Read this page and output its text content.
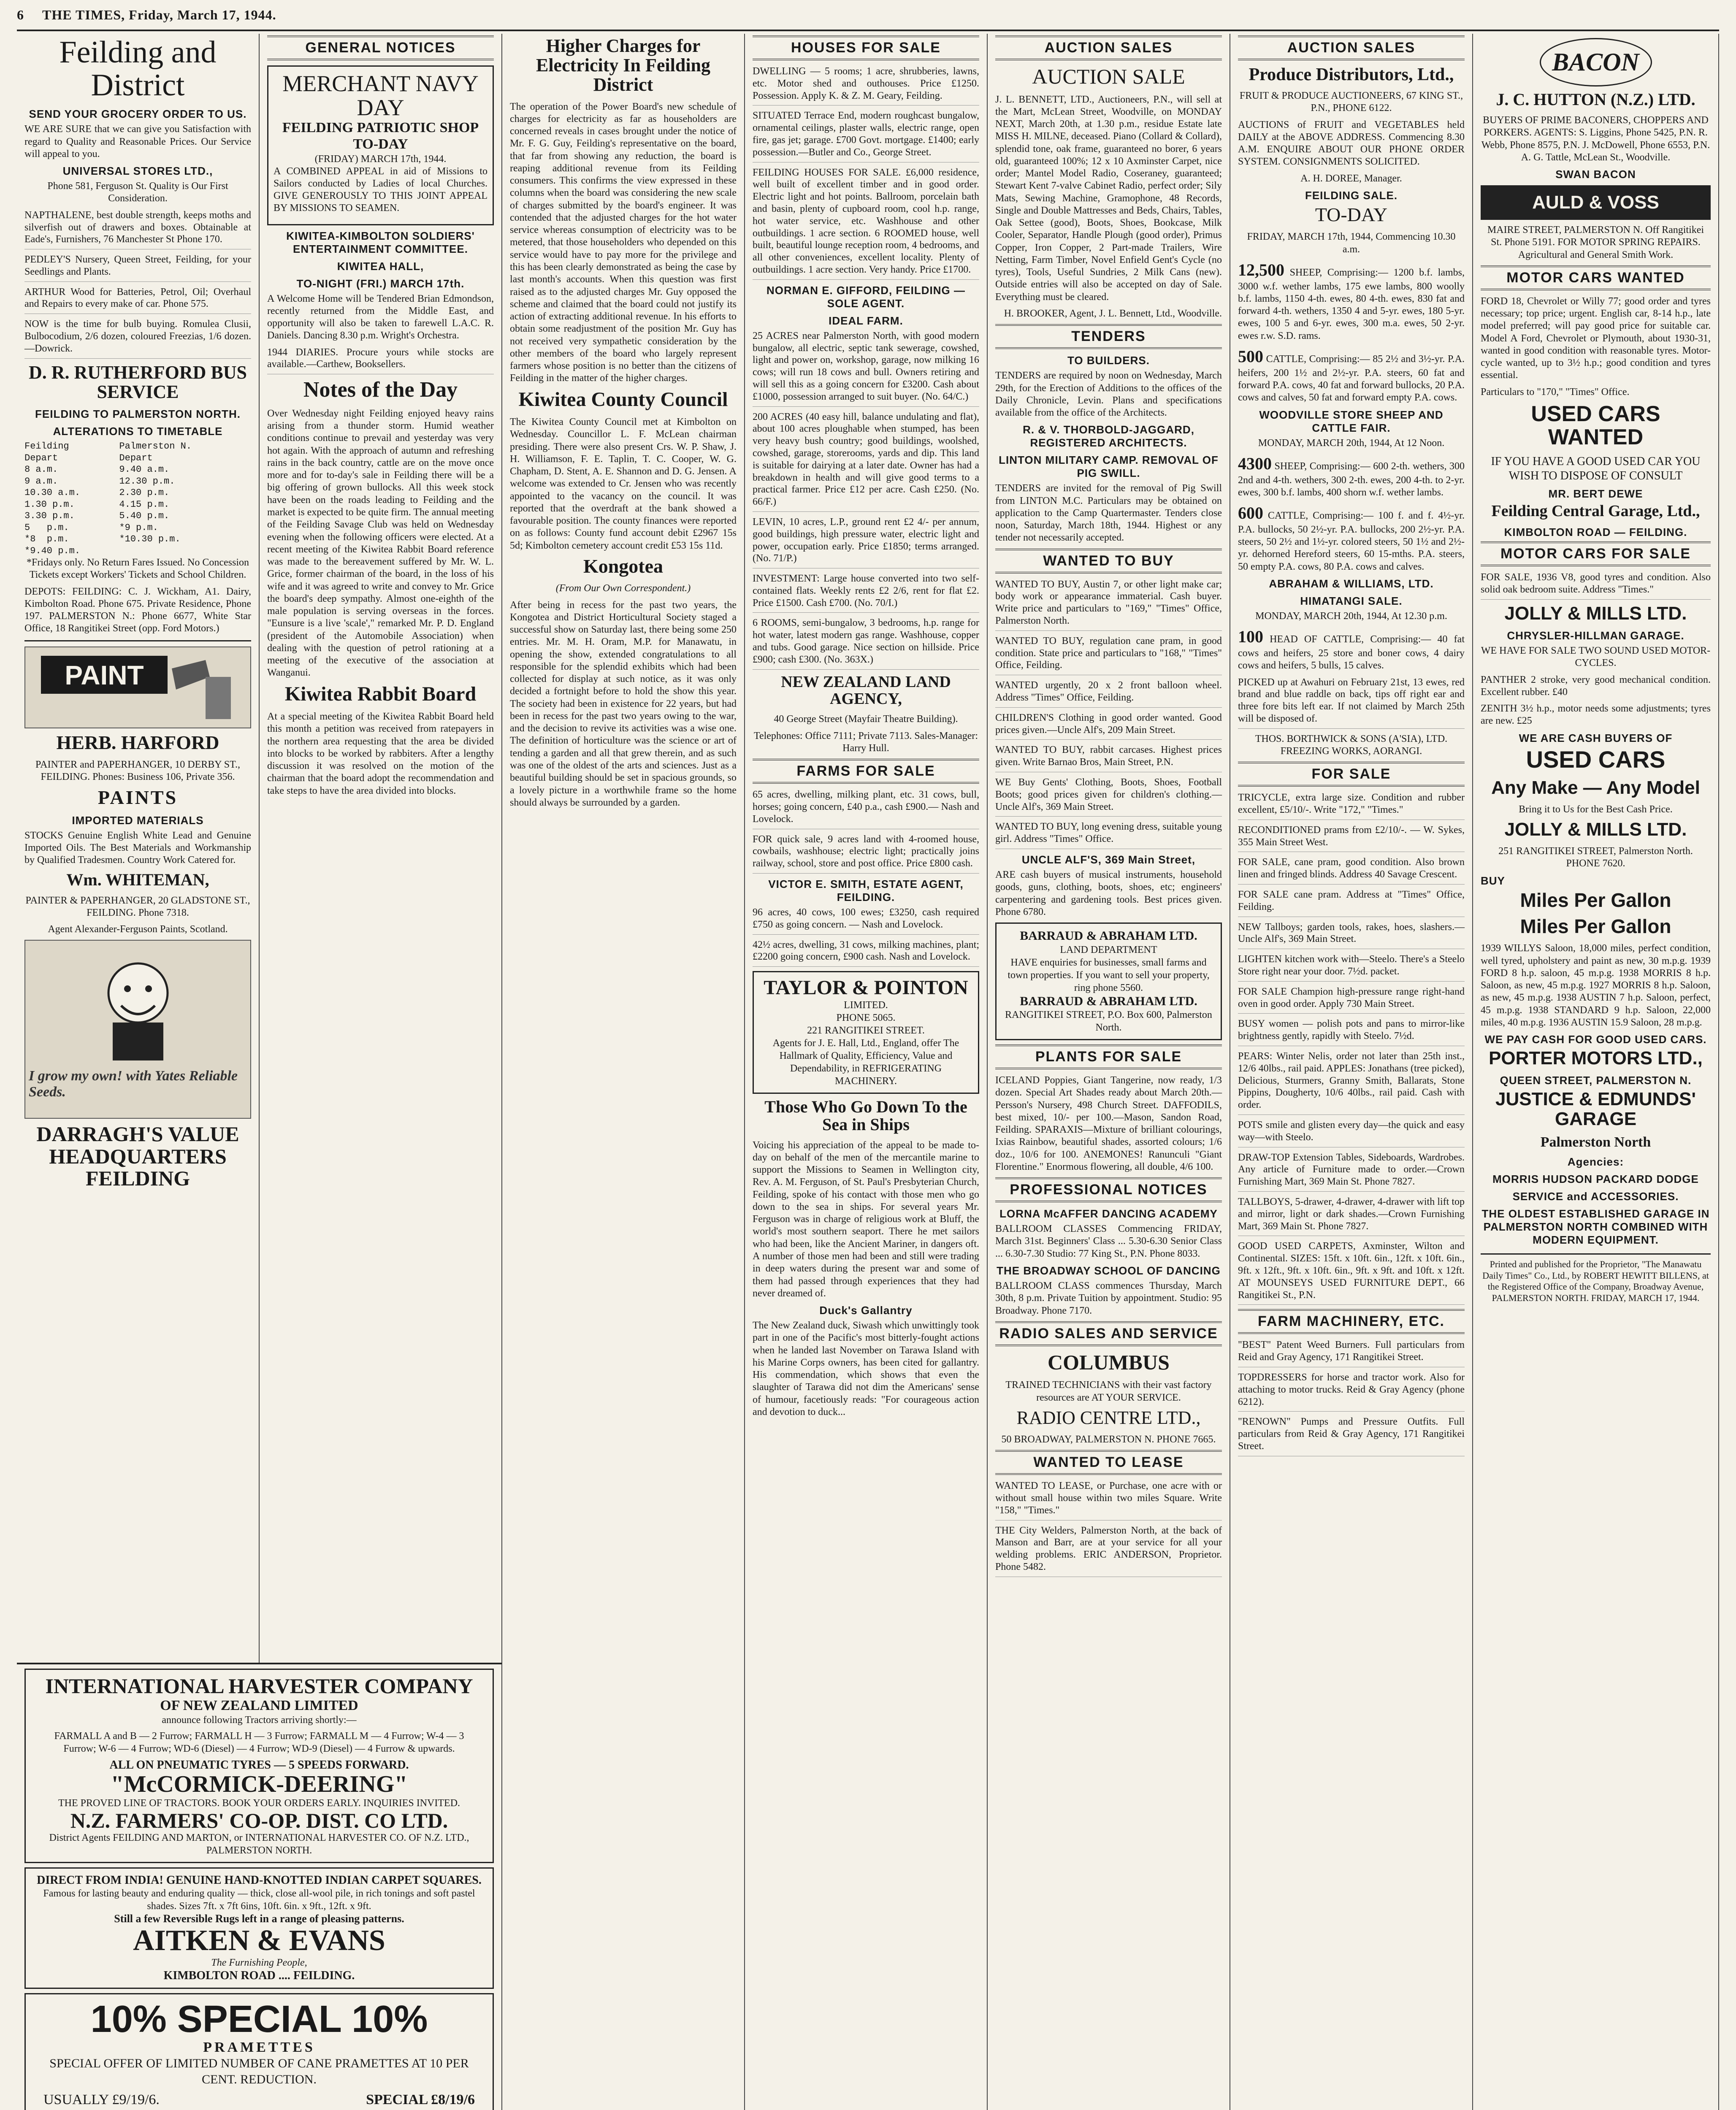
6	THE TIMES, Friday, March 17, 1944.
Feilding and District
SEND YOUR GROCERY ORDER TO US.

WE ARE SURE that we can give you Satisfaction with regard to Quality and Reasonable Prices. Our Service will appeal to you.

UNIVERSAL STORES LTD.,

Phone 581, Ferguson St. Quality is Our First Consideration.

NAPTHALENE, best double strength, keeps moths and silverfish out of drawers and boxes. Obtainable at Eade's, Furnishers, 76 Manchester St Phone 170.

PEDLEY'S Nursery, Queen Street, Feilding, for your Seedlings and Plants.

ARTHUR Wood for Batteries, Petrol, Oil; Overhaul and Repairs to every make of car. Phone 575.

NOW is the time for bulb buying. Romulea Clusii, Bulbocodium, 2/6 dozen, coloured Freezias, 1/6 dozen.—Dowrick.

D. R. RUTHERFORD BUS SERVICE
FEILDING TO PALMERSTON NORTH.
ALTERATIONS TO TIMETABLE
Feilding         Palmerston N.
Depart           Depart
8 a.m.           9.40 a.m.
9 a.m.           12.30 p.m.
10.30 a.m.       2.30 p.m.
1.30 p.m.        4.15 p.m.
3.30 p.m.        5.40 p.m.
5   p.m.         *9 p.m.
*8  p.m.         *10.30 p.m.
*9.40 p.m.

*Fridays only. No Return Fares Issued. No Concession Tickets except Workers' Tickets and School Children.

DEPOTS: FEILDING: C. J. Wickham, A1. Dairy, Kimbolton Road. Phone 675. Private Residence, Phone 197. PALMERSTON N.: Phone 6677, White Star Office, 18 Rangitikei Street (opp. Ford Motors.)

PAINT
HERB. HARFORD

PAINTER and PAPERHANGER, 10 DERBY ST., FEILDING. Phones: Business 106, Private 356.

PAINTS
IMPORTED MATERIALS

STOCKS Genuine English White Lead and Genuine Imported Oils. The Best Materials and Workmanship by Qualified Tradesmen. Country Work Catered for.

Wm. WHITEMAN,

PAINTER & PAPERHANGER, 20 GLADSTONE ST., FEILDING. Phone 7318.

Agent Alexander-Ferguson Paints, Scotland.

I grow my own! with Yates Reliable Seeds.
DARRAGH'S VALUE HEADQUARTERS FEILDING
GENERAL NOTICES
MERCHANT NAVY DAY
FEILDING PATRIOTIC SHOP TO-DAY
(FRIDAY) MARCH 17th, 1944.

A COMBINED APPEAL in aid of Missions to Sailors conducted by Ladies of local Churches. GIVE GENEROUSLY TO THIS JOINT APPEAL BY MISSIONS TO SEAMEN.

KIWITEA-KIMBOLTON SOLDIERS' ENTERTAINMENT COMMITTEE.
KIWITEA HALL,
TO-NIGHT (FRI.) MARCH 17th.

A Welcome Home will be Tendered Brian Edmondson, recently returned from the Middle East, and opportunity will also be taken to farewell L.A.C. R. Daniels. Dancing 8.30 p.m. Wright's Orchestra.

1944 DIARIES. Procure yours while stocks are available.—Carthew, Booksellers.

Notes of the Day

Over Wednesday night Feilding enjoyed heavy rains arising from a thunder storm. Humid weather conditions continue to prevail and yesterday was very hot again. With the approach of autumn and refreshing rains in the back country, cattle are on the move once more and for to-day's sale in Feilding there will be a big offering of grown bullocks. All this week stock have been on the roads leading to Feilding and the market is expected to be quite firm. The annual meeting of the Feilding Savage Club was held on Wednesday evening when the following officers were elected. At a recent meeting of the Kiwitea Rabbit Board reference was made to the bereavement suffered by Mr. W. L. Grice, former chairman of the board, in the loss of his wife and it was agreed to write and convey to Mr. Grice the board's deep sympathy. Almost one-eighth of the male population is serving overseas in the forces. "Eunsure is a live 'scale'," remarked Mr. P. D. England (president of the Automobile Association) when dealing with the question of petrol rationing at a meeting of the executive of the association at Wanganui.

Kiwitea Rabbit Board

At a special meeting of the Kiwitea Rabbit Board held this month a petition was received from ratepayers in the northern area requesting that the area be divided into blocks to be worked by rabbiters. After a lengthy discussion it was resolved on the motion of the chairman that the board adopt the recommendation and take steps to have the area divided into blocks.

INTERNATIONAL HARVESTER COMPANY
OF NEW ZEALAND LIMITED
announce following Tractors arriving shortly:—
FARMALL A and B — 2 Furrow; FARMALL H — 3 Furrow; FARMALL M — 4 Furrow; W-4 — 3 Furrow; W-6 — 4 Furrow; WD-6 (Diesel) — 4 Furrow; WD-9 (Diesel) — 4 Furrow & upwards.
ALL ON PNEUMATIC TYRES — 5 SPEEDS FORWARD.
"McCORMICK-DEERING"
THE PROVED LINE OF TRACTORS. BOOK YOUR ORDERS EARLY. INQUIRIES INVITED.
N.Z. FARMERS' CO-OP. DIST. CO LTD.
District Agents FEILDING AND MARTON, or INTERNATIONAL HARVESTER CO. OF N.Z. LTD., PALMERSTON NORTH.
DIRECT FROM INDIA! GENUINE HAND-KNOTTED INDIAN CARPET SQUARES.
Famous for lasting beauty and enduring quality — thick, close all-wool pile, in rich tonings and soft pastel shades. Sizes 7ft. x 7ft 6ins, 10ft. 6in. x 9ft., 12ft. x 9ft.
Still a few Reversible Rugs left in a range of pleasing patterns.
AITKEN & EVANS
The Furnishing People,
KIMBOLTON ROAD .... FEILDING.
10% SPECIAL 10%
PRAMETTES
SPECIAL OFFER OF LIMITED NUMBER OF CANE PRAMETTES AT 10 PER CENT. REDUCTION.
USUALLY £9/19/6.	SPECIAL £8/19/6
Higher Charges for Electricity In Feilding District

The operation of the Power Board's new schedule of charges for electricity as far as householders are concerned reveals in cases brought under the notice of Mr. F. G. Guy, Feilding's representative on the board, that far from showing any reduction, the board is reaping additional revenue from its Feilding consumers. This confirms the view expressed in these columns when the board was considering the new scale of charges submitted by the board's engineer. It was contended that the adjusted charges for the hot water service whereas consumption of electricity was to be metered, that those householders who depended on this service would have to pay more for the privilege and this has been clearly demonstrated as being the case by last month's accounts. When this question was first raised as to the adjusted charges Mr. Guy opposed the scheme and claimed that the board could not justify its action of extracting additional revenue. In his efforts to obtain some readjustment of the position Mr. Guy has not received very sympathetic consideration by the other members of the board who largely represent farmers whose position is no better than the citizens of Feilding in the matter of the higher charges.

Kiwitea County Council

The Kiwitea County Council met at Kimbolton on Wednesday. Councillor L. F. McLean chairman presiding. There were also present Crs. W. P. Shaw, J. H. Williamson, F. E. Taplin, T. C. Cooper, W. G. Chapham, D. Stent, A. E. Shannon and D. G. Jensen. A welcome was extended to Cr. Jensen who was recently appointed to the vacancy on the council. It was reported that the overdraft at the bank showed a favourable position. The county finances were reported on as follows: County fund account debit £2967 15s 5d; Kimbolton cemetery account credit £53 15s 11d.

Kongotea

(From Our Own Correspondent.)

After being in recess for the past two years, the Kongotea and District Horticultural Society staged a successful show on Saturday last, there being some 250 entries. Mr. M. H. Oram, M.P. for Manawatu, in opening the show, extended congratulations to all responsible for the splendid exhibits which had been collected for display at such notice, as it was only decided a fortnight before to hold the show this year. The society had been in existence for 22 years, but had been in recess for the past two years owing to the war, and the decision to revive its activities was a wise one. The definition of horticulture was the science or art of tending a garden and all that grew therein, and as such was one of the oldest of the arts and sciences. Just as a beautiful building should be set in spacious grounds, so a lovely picture in a worthwhile frame so the home should always be surrounded by a garden.

HOUSES FOR SALE

DWELLING — 5 rooms; 1 acre, shrubberies, lawns, etc. Motor shed and outhouses. Price £1250. Possession. Apply K. & Z. M. Geary, Feilding.

SITUATED Terrace End, modern roughcast bungalow, ornamental ceilings, plaster walls, electric range, open fire, gas jet; garage. £700 Govt. mortgage. £1400; early possession.—Butler and Co., George Street.

FEILDING HOUSES FOR SALE. £6,000 residence, well built of excellent timber and in good order. Electric light and hot points. Ballroom, porcelain bath and basin, plenty of cupboard room, cool h.p. range, hot water service, etc. Washhouse and other outbuildings. 1 acre section. 6 ROOMED house, well built, beautiful lounge reception room, 4 bedrooms, and all other conveniences, excellent locality. Plenty of outbuildings. 1 acre section. Very handy. Price £1700.

NORMAN E. GIFFORD, FEILDING — SOLE AGENT.
IDEAL FARM.

25 ACRES near Palmerston North, with good modern bungalow, all electric, septic tank sewerage, cowshed, light and power on, workshop, garage, now milking 16 cows; will run 18 cows and bull. Owners retiring and will sell this as a going concern for £3200. Cash about £1000, possession arranged to suit buyer. (No. 64/C.)

200 ACRES (40 easy hill, balance undulating and flat), about 100 acres ploughable when stumped, has been very heavy bush country; good buildings, woolshed, cowshed, garage, storerooms, yards and dip. This land is suitable for dairying at a later date. Owner has had a breakdown in health and will give good terms to a practical farmer. Price £12 per acre. Cash £250. (No. 66/F.)

LEVIN, 10 acres, L.P., ground rent £2 4/- per annum, good buildings, high pressure water, electric light and power, occupation early. Price £1850; terms arranged. (No. 71/P.)

INVESTMENT: Large house converted into two self-contained flats. Weekly rents £2 2/6, rent for flat £2. Price £1500. Cash £700. (No. 70/I.)

6 ROOMS, semi-bungalow, 3 bedrooms, h.p. range for hot water, latest modern gas range. Washhouse, copper and tubs. Good garage. Nice section on hillside. Price £900; cash £300. (No. 363X.)

NEW ZEALAND LAND AGENCY,

40 George Street (Mayfair Theatre Building).

Telephones: Office 7111; Private 7113. Sales-Manager: Harry Hull.

FARMS FOR SALE

65 acres, dwelling, milking plant, etc. 31 cows, bull, horses; going concern, £40 p.a., cash £900.— Nash and Lovelock.

FOR quick sale, 9 acres land with 4-roomed house, cowbails, washhouse; electric light; practically joins railway, school, store and post office. Price £800 cash.

VICTOR E. SMITH, ESTATE AGENT, FEILDING.

96 acres, 40 cows, 100 ewes; £3250, cash required £750 as going concern. — Nash and Lovelock.

42½ acres, dwelling, 31 cows, milking machines, plant; £2200 going concern, £900 cash. Nash and Lovelock.

TAYLOR & POINTON
LIMITED.
PHONE 5065.
221 RANGITIKEI STREET.
Agents for J. E. Hall, Ltd., England, offer The Hallmark of Quality, Efficiency, Value and Dependability, in REFRIGERATING MACHINERY.
Those Who Go Down To the Sea in Ships

Voicing his appreciation of the appeal to be made to-day on behalf of the men of the mercantile marine to support the Missions to Seamen in Wellington city, Rev. A. M. Ferguson, of St. Paul's Presbyterian Church, Feilding, spoke of his contact with those men who go down to the sea in ships. For several years Mr. Ferguson was in charge of religious work at Bluff, the world's most southern seaport. There he met sailors who had been, like the Ancient Mariner, in dangers oft. A number of those men had been and still were trading in deep waters during the present war and some of them had passed through experiences that they had never dreamed of.

Duck's Gallantry

The New Zealand duck, Siwash which unwittingly took part in one of the Pacific's most bitterly-fought actions when he landed last November on Tarawa Island with his Marine Corps owners, has been cited for gallantry. His commendation, which shows that even the slaughter of Tarawa did not dim the Americans' sense of humour, facetiously reads: "For courageous action and devotion to duck...

AUCTION SALES
AUCTION SALE

J. L. BENNETT, LTD., Auctioneers, P.N., will sell at the Mart, McLean Street, Woodville, on MONDAY NEXT, March 20th, at 1.30 p.m., residue Estate late MISS H. MILNE, deceased. Piano (Collard & Collard), splendid tone, oak frame, guaranteed no borer, 6 years old, guaranteed 100%; 12 x 10 Axminster Carpet, nice order; Mantel Model Radio, Coseraney, guaranteed; Stewart Kent 7-valve Cabinet Radio, perfect order; Sily Mats, Sewing Machine, Gramophone, 48 Records, Single and Double Mattresses and Beds, Chairs, Tables, Oak Settee (good), Boots, Shoes, Bookcase, Milk Cooler, Separator, Handle Plough (good order), Primus Copper, Iron Copper, 2 Part-made Trailers, Wire Netting, Farm Timber, Novel Enfield Gent's Cycle (no tyres), Tools, Useful Sundries, 2 Milk Cans (new). Outside entries will also be accepted on day of Sale. Everything must be cleared.

H. BROOKER, Agent, J. L. Bennett, Ltd., Woodville.

TENDERS
TO BUILDERS.

TENDERS are required by noon on Wednesday, March 29th, for the Erection of Additions to the offices of the Daily Chronicle, Levin. Plans and specifications available from the office of the Architects.

R. & V. THORBOLD-JAGGARD, REGISTERED ARCHITECTS.
LINTON MILITARY CAMP. REMOVAL OF PIG SWILL.

TENDERS are invited for the removal of Pig Swill from LINTON M.C. Particulars may be obtained on application to the Camp Quartermaster. Tenders close noon, Saturday, March 18th, 1944. Highest or any tender not necessarily accepted.

WANTED TO BUY

WANTED TO BUY, Austin 7, or other light make car; body work or appearance immaterial. Cash buyer. Write price and particulars to "169," "Times" Office, Palmerston North.

WANTED TO BUY, regulation cane pram, in good condition. State price and particulars to "168," "Times" Office, Feilding.

WANTED urgently, 20 x 2 front balloon wheel. Address "Times" Office, Feilding.

CHILDREN'S Clothing in good order wanted. Good prices given.—Uncle Alf's, 209 Main Street.

WANTED TO BUY, rabbit carcases. Highest prices given. Write Barnao Bros, Main Street, P.N.

WE Buy Gents' Clothing, Boots, Shoes, Football Boots; good prices given for children's clothing.—Uncle Alf's, 369 Main Street.

WANTED TO BUY, long evening dress, suitable young girl. Address "Times" Office.

UNCLE ALF'S, 369 Main Street,

ARE cash buyers of musical instruments, household goods, guns, clothing, boots, shoes, etc; engineers' carpentering and gardening tools. Best prices given. Phone 6780.

BARRAUD & ABRAHAM LTD.
LAND DEPARTMENT
HAVE enquiries for businesses, small farms and town properties. If you want to sell your property, ring phone 5560.
BARRAUD & ABRAHAM LTD.
RANGITIKEI STREET, P.O. Box 600, Palmerston North.
PLANTS FOR SALE

ICELAND Poppies, Giant Tangerine, now ready, 1/3 dozen. Special Art Shades ready about March 20th.—Persson's Nursery, 498 Church Street. DAFFODILS, best mixed, 10/- per 100.—Mason, Sandon Road, Feilding. SPARAXIS—Mixture of brilliant colourings, Ixias Rainbow, beautiful shades, assorted colours; 1/6 doz., 10/6 for 100. ANEMONES! Ranunculi "Giant Florentine." Enormous flowering, all double, 4/6 100.

PROFESSIONAL NOTICES
LORNA McAFFER DANCING ACADEMY

BALLROOM CLASSES Commencing FRIDAY, March 31st. Beginners' Class ... 5.30-6.30 Senior Class ... 6.30-7.30 Studio: 77 King St., P.N. Phone 8033.

THE BROADWAY SCHOOL OF DANCING

BALLROOM CLASS commences Thursday, March 30th, 8 p.m. Private Tuition by appointment. Studio: 95 Broadway. Phone 7170.

RADIO SALES AND SERVICE
COLUMBUS

TRAINED TECHNICIANS with their vast factory resources are AT YOUR SERVICE.

RADIO CENTRE LTD.,

50 BROADWAY, PALMERSTON N. PHONE 7665.

WANTED TO LEASE

WANTED TO LEASE, or Purchase, one acre with or without small house within two miles Square. Write "158," "Times."

THE City Welders, Palmerston North, at the back of Manson and Barr, are at your service for all your welding problems. ERIC ANDERSON, Proprietor. Phone 5482.

AUCTION SALES
Produce Distributors, Ltd.,

FRUIT & PRODUCE AUCTIONEERS, 67 KING ST., P.N., PHONE 6122.

AUCTIONS of FRUIT and VEGETABLES held DAILY at the ABOVE ADDRESS. Commencing 8.30 A.M. ENQUIRE ABOUT OUR PHONE ORDER SYSTEM. CONSIGNMENTS SOLICITED.

A. H. DOREE, Manager.

FEILDING SALE.
TO-DAY

FRIDAY, MARCH 17th, 1944, Commencing 10.30 a.m.

12,500 SHEEP, Comprising:— 1200 b.f. lambs, 3000 w.f. wether lambs, 175 ewe lambs, 800 woolly b.f. lambs, 1150 4-th. ewes, 80 4-th. ewes, 830 fat and forward 4-th. wethers, 1350 4 and 5-yr. ewes, 180 5-yr. ewes, 100 5 and 6-yr. ewes, 300 m.a. ewes, 50 2-yr. ewes r.w. S.D. rams.

500 CATTLE, Comprising:— 85 2½ and 3½-yr. P.A. heifers, 200 1½ and 2½-yr. P.A. steers, 60 fat and forward P.A. cows, 40 fat and forward bullocks, 20 P.A. cows and calves, 50 fat and forward empty P.A. cows.

WOODVILLE STORE SHEEP AND CATTLE FAIR.

MONDAY, MARCH 20th, 1944, At 12 Noon.

4300 SHEEP, Comprising:— 600 2-th. wethers, 300 2nd and 4-th. wethers, 300 2-th. ewes, 200 4-th. to 2-yr. ewes, 300 b.f. lambs, 400 shorn w.f. wether lambs.

600 CATTLE, Comprising:— 100 f. and f. 4½-yr. P.A. bullocks, 50 2½-yr. P.A. bullocks, 200 2½-yr. P.A. steers, 50 2½ and 1½-yr. colored steers, 50 1½ and 2½-yr. dehorned Hereford steers, 60 15-mths. P.A. steers, 50 empty P.A. cows, 80 P.A. cows and calves.

ABRAHAM & WILLIAMS, LTD.
HIMATANGI SALE.

MONDAY, MARCH 20th, 1944, At 12.30 p.m.

100 HEAD OF CATTLE, Comprising:— 40 fat cows and heifers, 25 store and boner cows, 4 dairy cows and heifers, 5 bulls, 15 calves.

PICKED up at Awahuri on February 21st, 13 ewes, red brand and blue raddle on back, tips off right ear and three fore bits left ear. If not claimed by March 25th will be disposed of.

THOS. BORTHWICK & SONS (A'SIA), LTD. FREEZING WORKS, AORANGI.

FOR SALE

TRICYCLE, extra large size. Condition and rubber excellent, £5/10/-. Write "172," "Times."

RECONDITIONED prams from £2/10/-. — W. Sykes, 355 Main Street West.

FOR SALE, cane pram, good condition. Also brown linen and fringed blinds. Address 40 Savage Crescent.

FOR SALE cane pram. Address at "Times" Office, Feilding.

NEW Tallboys; garden tools, rakes, hoes, slashers.—Uncle Alf's, 369 Main Street.

LIGHTEN kitchen work with—Steelo. There's a Steelo Store right near your door. 7½d. packet.

FOR SALE Champion high-pressure range right-hand oven in good order. Apply 730 Main Street.

BUSY women — polish pots and pans to mirror-like brightness gently, rapidly with Steelo. 7½d.

PEARS: Winter Nelis, order not later than 25th inst., 12/6 40lbs., rail paid. APPLES: Jonathans (tree picked), Delicious, Sturmers, Granny Smith, Ballarats, Stone Pippins, Dougherty, 10/6 40lbs., rail paid. Cash with order.

POTS smile and glisten every day—the quick and easy way—with Steelo.

DRAW-TOP Extension Tables, Sideboards, Wardrobes. Any article of Furniture made to order.—Crown Furnishing Mart, 369 Main St. Phone 7827.

TALLBOYS, 5-drawer, 4-drawer, 4-drawer with lift top and mirror, light or dark shades.—Crown Furnishing Mart, 369 Main St. Phone 7827.

GOOD USED CARPETS, Axminster, Wilton and Continental. SIZES: 15ft. x 10ft. 6in., 12ft. x 10ft. 6in., 9ft. x 12ft., 9ft. x 10ft. 6in., 9ft. x 9ft. and 10ft. x 12ft. AT MOUNSEYS USED FURNITURE DEPT., 66 Rangitikei St., P.N.

FARM MACHINERY, ETC.

"BEST" Patent Weed Burners. Full particulars from Reid and Gray Agency, 171 Rangitikei Street.

TOPDRESSERS for horse and tractor work. Also for attaching to motor trucks. Reid & Gray Agency (phone 6212).

"RENOWN" Pumps and Pressure Outfits. Full particulars from Reid & Gray Agency, 171 Rangitikei Street.

BACON
J. C. HUTTON (N.Z.) LTD.

BUYERS OF PRIME BACONERS, CHOPPERS AND PORKERS. AGENTS: S. Liggins, Phone 5425, P.N. R. Webb, Phone 8575, P.N. J. McDowell, Phone 6553, P.N. A. G. Tattle, McLean St., Woodville.

SWAN BACON
AULD & VOSS

MAIRE STREET, PALMERSTON N. Off Rangitikei St. Phone 5191. FOR MOTOR SPRING REPAIRS. Agricultural and General Smith Work.

MOTOR CARS WANTED

FORD 18, Chevrolet or Willy 77; good order and tyres necessary; top price; urgent. English car, 8-14 h.p., late model preferred; will pay good price for suitable car. Model A Ford, Chevrolet or Plymouth, about 1930-31, wanted in good condition with reasonable tyres. Motor-cycle wanted, up to 3½ h.p.; good condition and tyres essential.

Particulars to "170," "Times" Office.

USED CARS WANTED

IF YOU HAVE A GOOD USED CAR YOU WISH TO DISPOSE OF CONSULT

MR. BERT DEWE
Feilding Central Garage, Ltd.,
KIMBOLTON ROAD — FEILDING.
MOTOR CARS FOR SALE

FOR SALE, 1936 V8, good tyres and condition. Also solid oak bedroom suite. Address "Times."

JOLLY & MILLS LTD.
CHRYSLER-HILLMAN GARAGE.

WE HAVE FOR SALE TWO SOUND USED MOTOR-CYCLES.

PANTHER 2 stroke, very good mechanical condition. Excellent rubber. £40

ZENITH 3½ h.p., motor needs some adjustments; tyres are new. £25

WE ARE CASH BUYERS OF
USED CARS
Any Make — Any Model

Bring it to Us for the Best Cash Price.

JOLLY & MILLS LTD.

251 RANGITIKEI STREET, Palmerston North. PHONE 7620.

BUY
Miles Per Gallon
Miles Per Gallon

1939 WILLYS Saloon, 18,000 miles, perfect condition, well tyred, upholstery and paint as new, 30 m.p.g. 1939 FORD 8 h.p. saloon, 45 m.p.g. 1938 MORRIS 8 h.p. Saloon, as new, 45 m.p.g. 1927 MORRIS 8 h.p. Saloon, as new, 45 m.p.g. 1938 AUSTIN 7 h.p. Saloon, perfect, 45 m.p.g. 1938 STANDARD 9 h.p. Saloon, 22,000 miles, 40 m.p.g. 1936 AUSTIN 15.9 Saloon, 28 m.p.g.

WE PAY CASH FOR GOOD USED CARS.
PORTER MOTORS LTD.,
QUEEN STREET, PALMERSTON N.
JUSTICE & EDMUNDS' GARAGE
Palmerston North
Agencies:
MORRIS HUDSON PACKARD DODGE
SERVICE and ACCESSORIES.
THE OLDEST ESTABLISHED GARAGE IN PALMERSTON NORTH COMBINED WITH MODERN EQUIPMENT.
Printed and published for the Proprietor, "The Manawatu Daily Times" Co., Ltd., by ROBERT HEWITT BILLENS, at the Registered Office of the Company, Broadway Avenue, PALMERSTON NORTH. FRIDAY, MARCH 17, 1944.
